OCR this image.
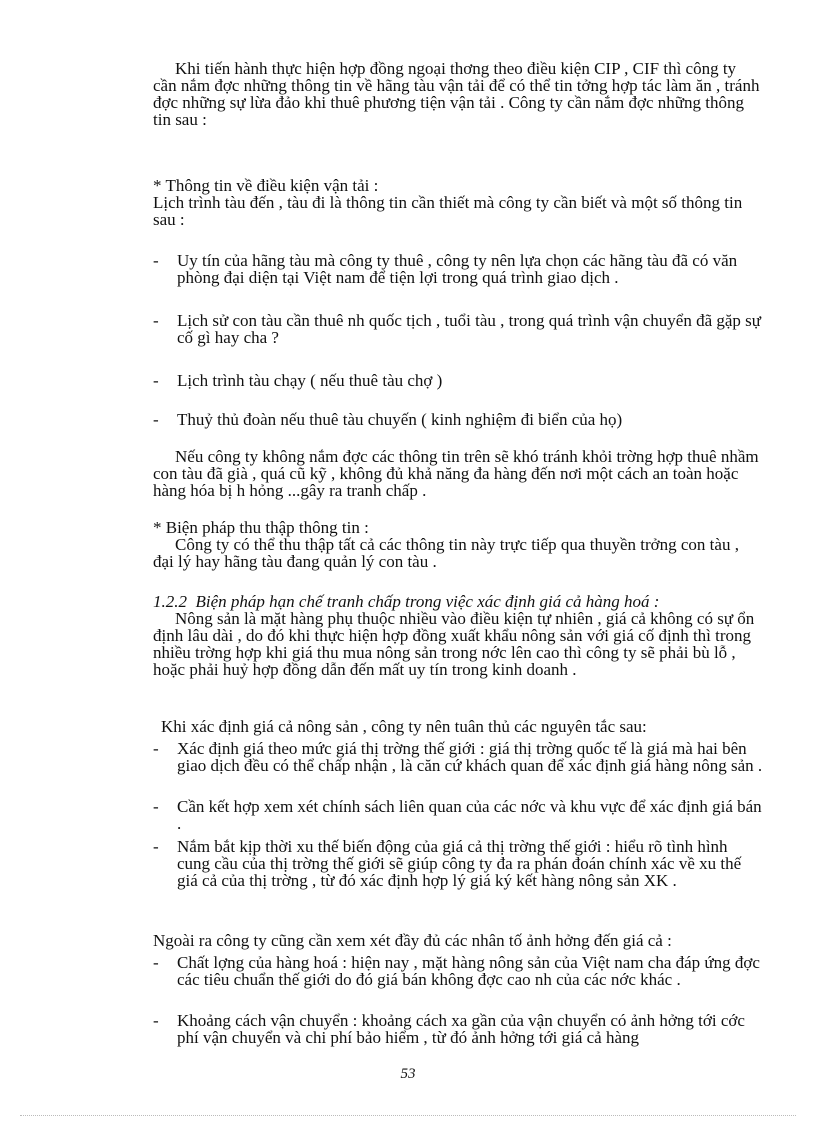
Khi tiến hành thực hiện hợp đồng ngoại thơng theo điều kiện CIP , CIF thì công ty cần nắm đợc những thông tin về hãng tàu vận tải để có thể tin tởng hợp tác làm ăn , tránh đợc những sự lừa đảo khi thuê phương tiện vận tải . Công ty cần nắm đợc những thông tin sau :

* Thông tin về điều kiện vận tải :

Lịch trình tàu đến , tàu đi là thông tin cần thiết mà công ty cần biết và một số thông tin sau :

- Uy tín của hãng tàu mà công ty thuê , công ty nên lựa chọn các hãng tàu đã có văn phòng đại diện tại Việt nam để tiện lợi trong quá trình giao dịch .
- Lịch sử con tàu cần thuê nh quốc tịch , tuổi tàu , trong quá trình vận chuyển đã gặp sự cố gì hay cha ?
- Lịch trình tàu chạy ( nếu thuê tàu chợ )
- Thuỷ thủ đoàn nếu thuê tàu chuyến ( kinh nghiệm đi biển của họ)

Nếu công ty không nắm đợc các thông tin trên sẽ khó tránh khỏi trờng hợp thuê nhầm con tàu đã già , quá cũ kỹ , không đủ khả năng đa hàng đến nơi một cách an toàn hoặc hàng hóa bị h hỏng ...gây ra tranh chấp .

* Biện pháp thu thập thông tin :

Công ty có thể thu thập tất cả các thông tin này trực tiếp qua thuyền trởng con tàu , đại lý hay hãng tàu đang quản lý con tàu .

1.2.2 Biện pháp hạn chế tranh chấp trong việc xác định giá cả hàng hoá :

Nông sản là mặt hàng phụ thuộc nhiều vào điều kiện tự nhiên , giá cả không có sự ổn định lâu dài , do đó khi thực hiện hợp đồng xuất khẩu nông sản với giá cố định thì trong nhiều trờng hợp khi giá thu mua nông sản trong nớc lên cao thì công ty sẽ phải bù lỗ , hoặc phải huỷ hợp đồng dẫn đến mất uy tín trong kinh doanh .

Khi xác định giá cả nông sản , công ty nên tuân thủ các nguyên tắc sau:

- Xác định giá theo mức giá thị trờng thế giới : giá thị trờng quốc tế là giá mà hai bên giao dịch đều có thể chấp nhận , là căn cứ khách quan để xác định giá hàng nông sản .
- Cần kết hợp xem xét chính sách liên quan của các nớc và khu vực để xác định giá bán .
- Nắm bắt kịp thời xu thế biến động của giá cả thị trờng thế giới : hiểu rõ tình hình cung cầu của thị trờng thế giới sẽ giúp công ty đa ra phán đoán chính xác về xu thế giá cả của thị trờng , từ đó xác định hợp lý giá ký kết hàng nông sản XK .

Ngoài ra công ty cũng cần xem xét đầy đủ các nhân tố ảnh hởng đến giá cả :

- Chất lợng của hàng hoá : hiện nay , mặt hàng nông sản của Việt nam cha đáp ứng đợc các tiêu chuẩn thế giới do đó giá bán không đợc cao nh của các nớc khác .
- Khoảng cách vận chuyển : khoảng cách xa gần của vận chuyển có ảnh hởng tới cớc phí vận chuyển và chi phí bảo hiểm , từ đó ảnh hởng tới giá cả hàng
53
